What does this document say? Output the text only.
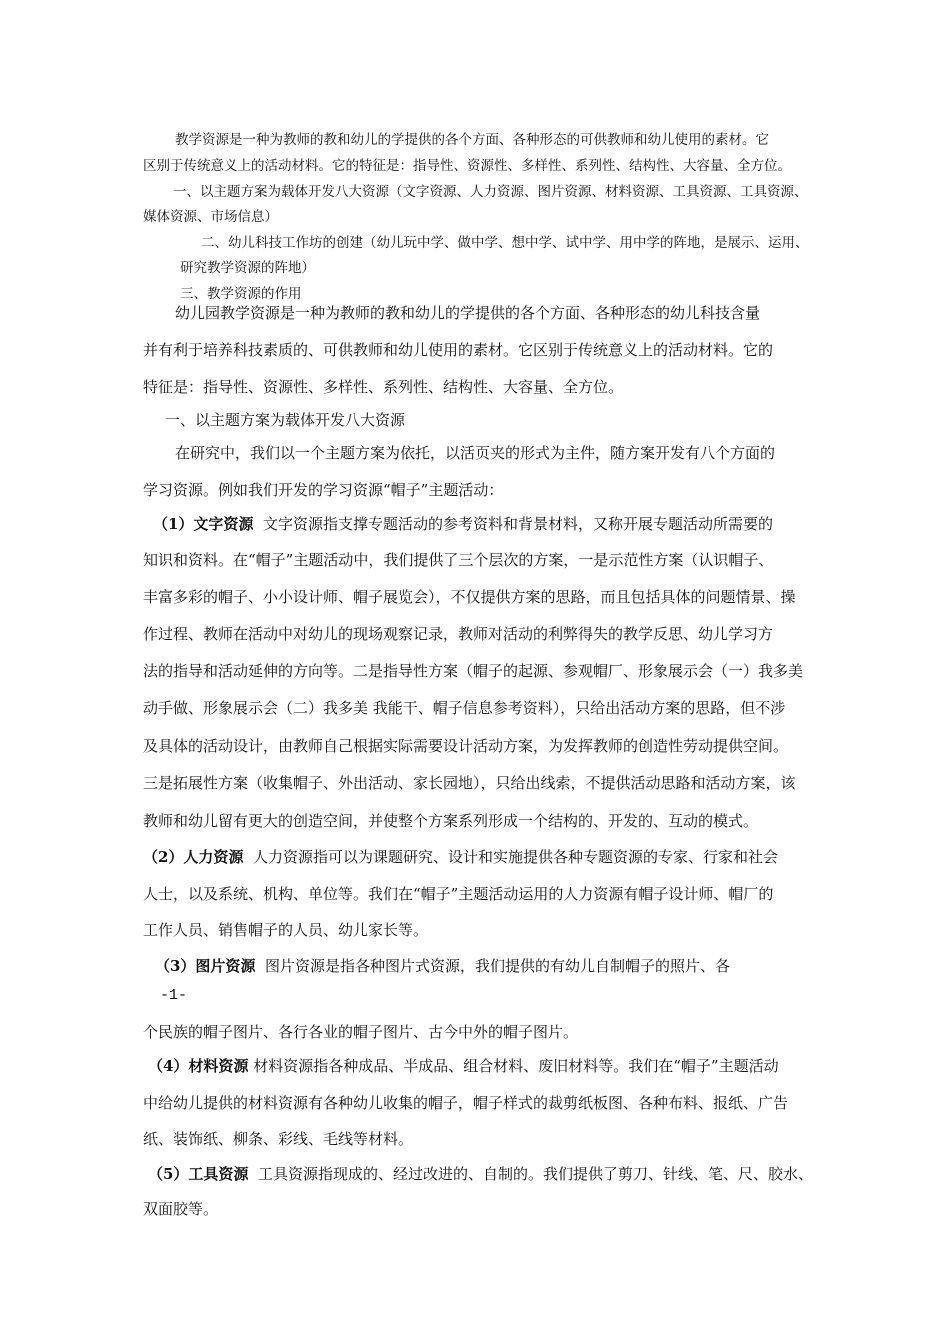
教学资源是一种为教师的教和幼儿的学提供的各个方面、各种形态的可供教师和幼儿使用的素材。它
区别于传统意义上的活动材料。它的特征是：指导性、资源性、多样性、系列性、结构性、大容量、全方位。
一、以主题方案为载体开发八大资源（文字资源、人力资源、图片资源、材料资源、工具资源、工具资源、
媒体资源、市场信息）
二、幼儿科技工作坊的创建（幼儿玩中学、做中学、想中学、试中学、用中学的阵地，是展示、运用、
研究教学资源的阵地）
三、教学资源的作用
幼儿园教学资源是一种为教师的教和幼儿的学提供的各个方面、各种形态的幼儿科技含量
并有利于培养科技素质的、可供教师和幼儿使用的素材。它区别于传统意义上的活动材料。它的
特征是：指导性、资源性、多样性、系列性、结构性、大容量、全方位。
一、以主题方案为载体开发八大资源
在研究中，我们以一个主题方案为依托，以活页夹的形式为主件，随方案开发有八个方面的
学习资源。例如我们开发的学习资源“帽子”主题活动：
（1）文字资源 文字资源指支撑专题活动的参考资料和背景材料，又称开展专题活动所需要的
知识和资料。在“帽子”主题活动中，我们提供了三个层次的方案，一是示范性方案（认识帽子、
丰富多彩的帽子、小小设计师、帽子展览会），不仅提供方案的思路，而且包括具体的问题情景、操
作过程、教师在活动中对幼儿的现场观察记录，教师对活动的利弊得失的教学反思、幼儿学习方
法的指导和活动延伸的方向等。二是指导性方案（帽子的起源、参观帽厂、形象展示会（一）我多美
动手做、形象展示会（二）我多美 我能干、帽子信息参考资料），只给出活动方案的思路，但不涉
及具体的活动设计，由教师自己根据实际需要设计活动方案，为发挥教师的创造性劳动提供空间。
三是拓展性方案（收集帽子、外出活动、家长园地），只给出线索，不提供活动思路和活动方案，该
教师和幼儿留有更大的创造空间，并使整个方案系列形成一个结构的、开发的、互动的模式。
（2）人力资源 人力资源指可以为课题研究、设计和实施提供各种专题资源的专家、行家和社会
人士，以及系统、机构、单位等。我们在“帽子”主题活动运用的人力资源有帽子设计师、帽厂的
工作人员、销售帽子的人员、幼儿家长等。
（3）图片资源 图片资源是指各种图片式资源，我们提供的有幼儿自制帽子的照片、各
-1-
个民族的帽子图片、各行各业的帽子图片、古今中外的帽子图片。
（4）材料资源 材料资源指各种成品、半成品、组合材料、废旧材料等。我们在“帽子”主题活动
中给幼儿提供的材料资源有各种幼儿收集的帽子，帽子样式的裁剪纸板图、各种布料、报纸、广告
纸、装饰纸、柳条、彩线、毛线等材料。
（5）工具资源 工具资源指现成的、经过改进的、自制的。我们提供了剪刀、针线、笔、尺、胶水、
双面胶等。
